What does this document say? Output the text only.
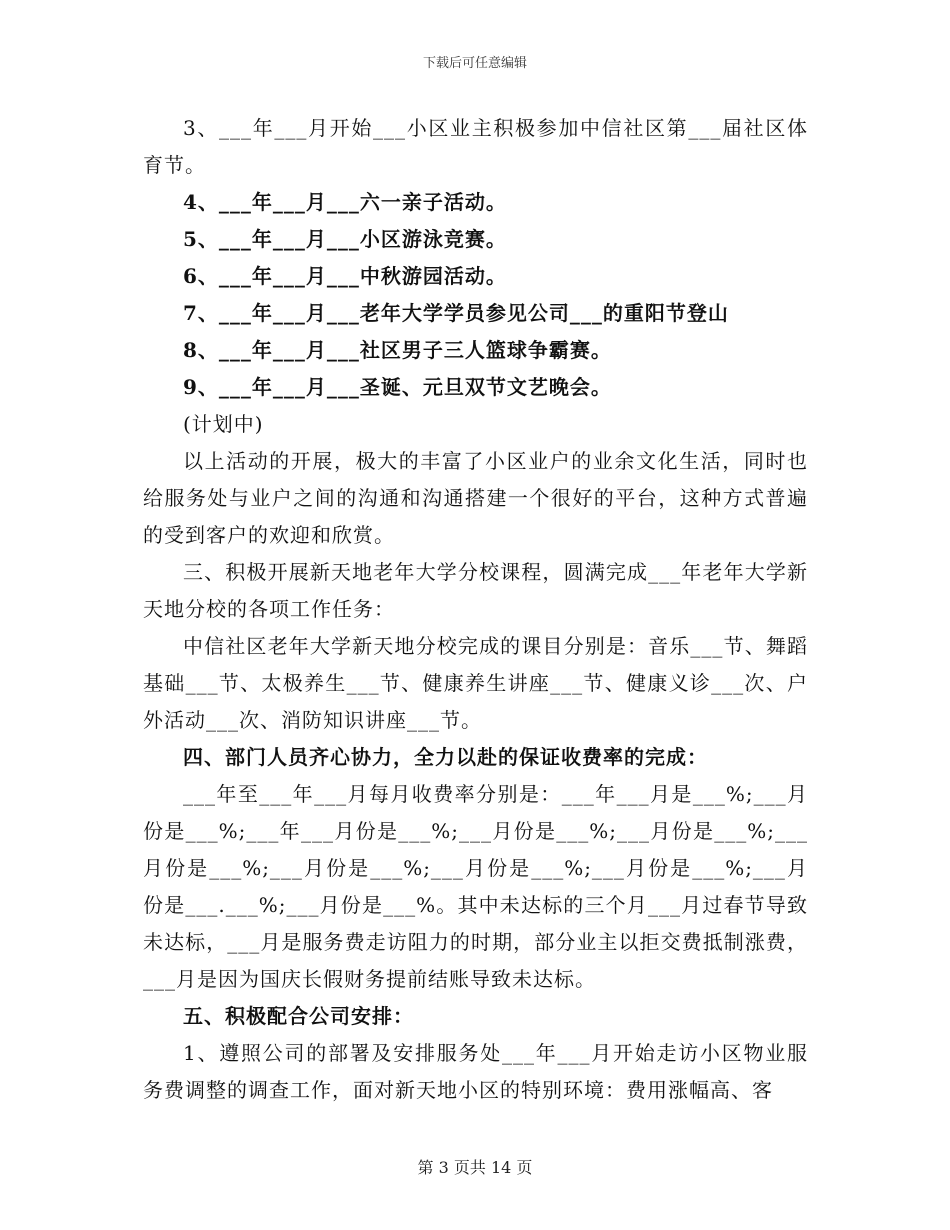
下载后可任意编辑

3、___年___月开始___小区业主积极参加中信社区第___届社区体育节。

4、___年___月___六一亲子活动。

5、___年___月___小区游泳竞赛。

6、___年___月___中秋游园活动。

7、___年___月___老年大学学员参见公司___的重阳节登山

8、___年___月___社区男子三人篮球争霸赛。

9、___年___月___圣诞、元旦双节文艺晚会。

(计划中)

以上活动的开展，极大的丰富了小区业户的业余文化生活，同时也给服务处与业户之间的沟通和沟通搭建一个很好的平台，这种方式普遍的受到客户的欢迎和欣赏。

三、积极开展新天地老年大学分校课程，圆满完成___年老年大学新天地分校的各项工作任务：

中信社区老年大学新天地分校完成的课目分别是：音乐___节、舞蹈基础___节、太极养生___节、健康养生讲座___节、健康义诊___次、户外活动___次、消防知识讲座___节。

四、部门人员齐心协力，全力以赴的保证收费率的完成：

___年至___年___月每月收费率分别是：___年___月是___%;___月份是___%;___年___月份是___%;___月份是___%;___月份是___%;___月份是___%;___月份是___%;___月份是___%;___月份是___%;___月份是___.___%;___月份是___%。其中未达标的三个月___月过春节导致未达标，___月是服务费走访阻力的时期，部分业主以拒交费抵制涨费，___月是因为国庆长假财务提前结账导致未达标。

五、积极配合公司安排：

1、遵照公司的部署及安排服务处___年___月开始走访小区物业服务费调整的调查工作，面对新天地小区的特别环境：费用涨幅高、客

第 3 页共 14 页
